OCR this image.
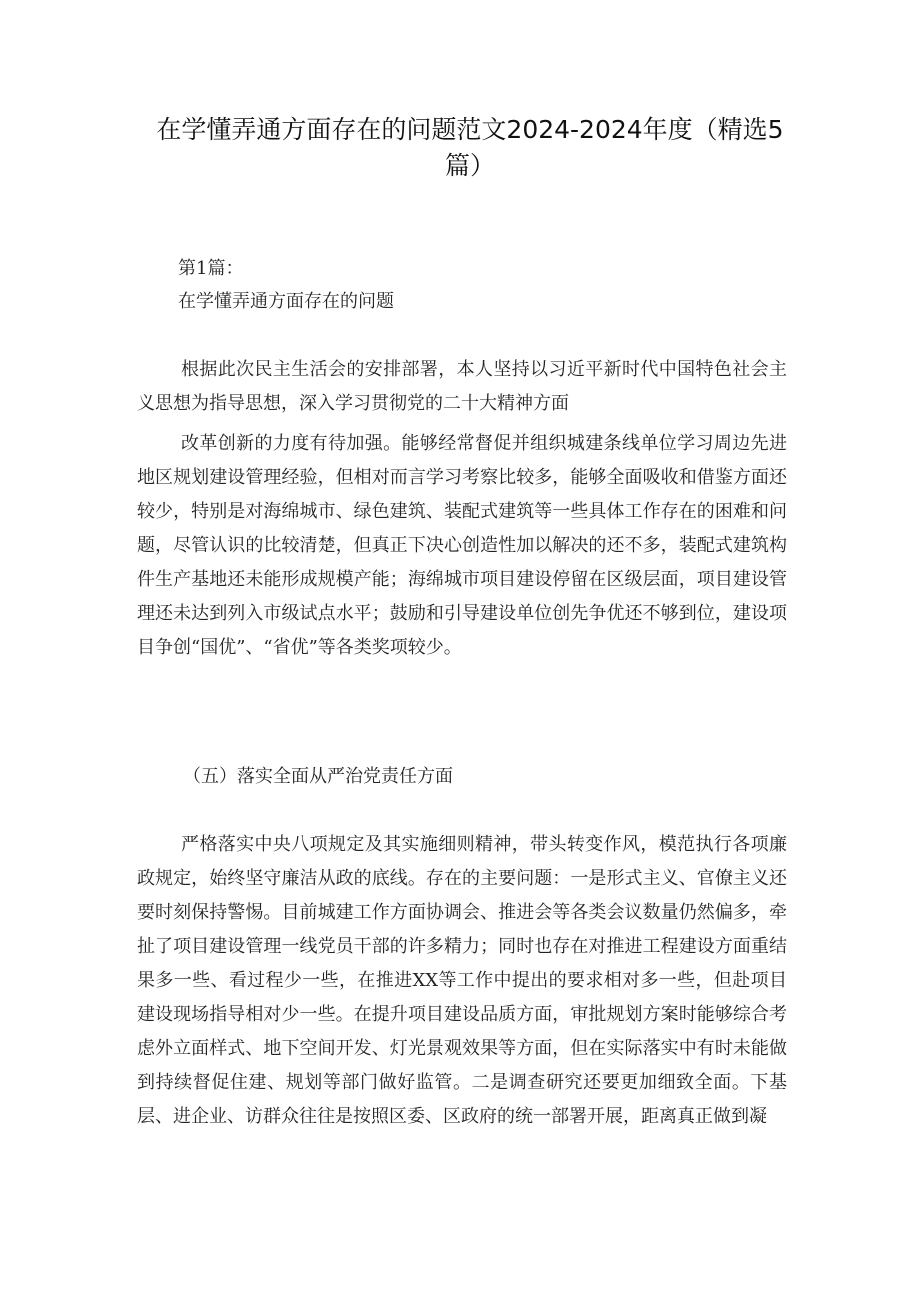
在学懂弄通方面存在的问题范文2024-2024年度（精选5篇）
第1篇：
在学懂弄通方面存在的问题

根据此次民主生活会的安排部署，本人坚持以习近平新时代中国特色社会主义思想为指导思想，深入学习贯彻党的二十大精神方面

改革创新的力度有待加强。能够经常督促并组织城建条线单位学习周边先进地区规划建设管理经验，但相对而言学习考察比较多，能够全面吸收和借鉴方面还较少，特别是对海绵城市、绿色建筑、装配式建筑等一些具体工作存在的困难和问题，尽管认识的比较清楚，但真正下决心创造性加以解决的还不多，装配式建筑构件生产基地还未能形成规模产能；海绵城市项目建设停留在区级层面，项目建设管理还未达到列入市级试点水平；鼓励和引导建设单位创先争优还不够到位，建设项目争创“国优”、“省优”等各类奖项较少。

（五）落实全面从严治党责任方面

严格落实中央八项规定及其实施细则精神，带头转变作风，模范执行各项廉政规定，始终坚守廉洁从政的底线。存在的主要问题：一是形式主义、官僚主义还要时刻保持警惕。目前城建工作方面协调会、推进会等各类会议数量仍然偏多，牵扯了项目建设管理一线党员干部的许多精力；同时也存在对推进工程建设方面重结果多一些、看过程少一些，在推进XX等工作中提出的要求相对多一些，但赴项目建设现场指导相对少一些。在提升项目建设品质方面，审批规划方案时能够综合考虑外立面样式、地下空间开发、灯光景观效果等方面，但在实际落实中有时未能做到持续督促住建、规划等部门做好监管。二是调查研究还要更加细致全面。下基层、进企业、访群众往往是按照区委、区政府的统一部署开展，距离真正做到凝
